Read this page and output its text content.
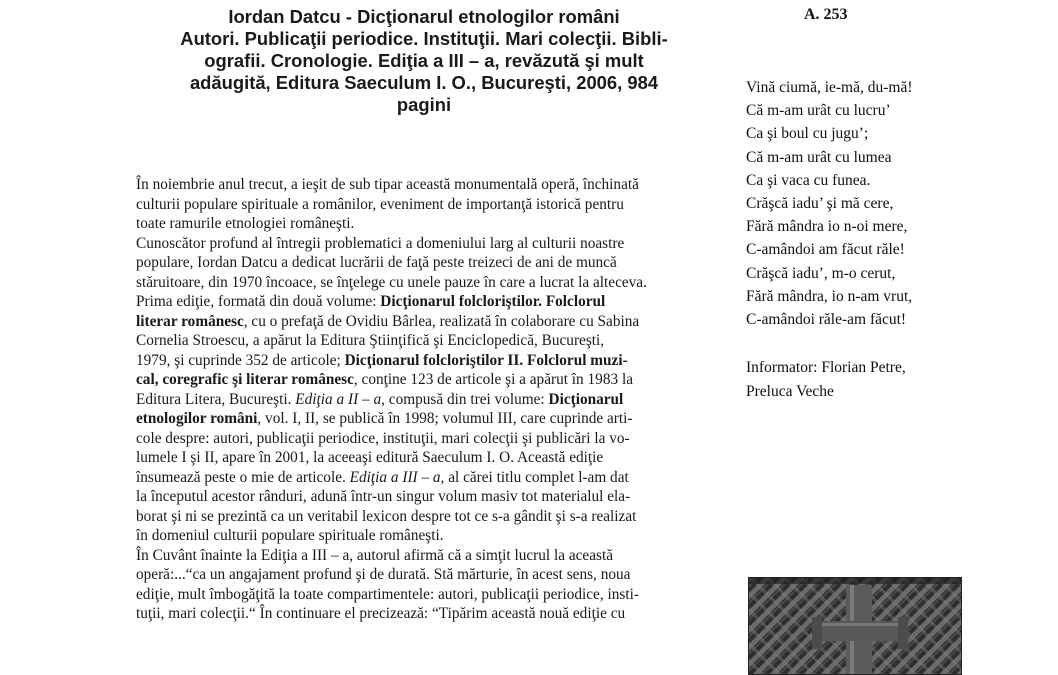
Iordan Datcu - Dicţionarul etnologilor români
Autori. Publicaţii periodice. Instituţii. Mari colecţii. Bibli-
ografii. Cronologie. Ediţia a III – a, revăzută şi mult
adăugită, Editura Saeculum I. O., Bucureşti, 2006, 984
pagini
A. 253
În noiembrie anul trecut, a ieşit de sub tipar această monumentală operă, închinată
culturii populare spirituale a românilor, eveniment de importanţă istorică pentru
toate ramurile etnologiei româneşti.
Cunoscător profund al întregii problematici a domeniului larg al culturii noastre
populare, Iordan Datcu a dedicat lucrării de faţă peste treizeci de ani de muncă
stăruitoare, din 1970 încoace, se înţelege cu unele pauze în care a lucrat la alteceva.
Prima ediţie, formată din două volume: Dicţionarul folcloriştilor. Folclorul
literar românesc, cu o prefaţă de Ovidiu Bârlea, realizată în colaborare cu Sabina
Cornelia Stroescu, a apărut la Editura Ştiinţifică şi Enciclopedică, Bucureşti,
1979, şi cuprinde 352 de articole; Dicţionarul folcloriştilor II. Folclorul muzi-
cal, coregrafic şi literar românesc, conţine 123 de articole şi a apărut în 1983 la
Editura Litera, Bucureşti. Ediţia a II – a, compusă din trei volume: Dicţionarul
etnologilor români, vol. I, II, se publică în 1998; volumul III, care cuprinde arti-
cole despre: autori, publicaţii periodice, instituţii, mari colecţii şi publicări la vo-
lumele I şi II, apare în 2001, la aceeaşi editură Saeculum I. O. Această ediţie
însumează peste o mie de articole. Ediţia a III – a, al cărei titlu complet l-am dat
la începutul acestor rânduri, adună într-un singur volum masiv tot materialul ela-
borat şi ni se prezintă ca un veritabil lexicon despre tot ce s-a gândit şi s-a realizat
în domeniul culturii populare spirituale româneşti.
În Cuvânt înainte la Ediţia a III – a, autorul afirmă că a simţit lucrul la această
operă:...“ca un angajament profund şi de durată. Stă mărturie, în acest sens, noua
ediţie, mult îmbogăţită la toate compartimentele: autori, publicaţii periodice, insti-
tuţii, mari colecţii.“ În continuare el precizează: “Tipărim această nouă ediţie cu
Vină ciumă, ie-mă, du-mă!
Că m-am urât cu lucru’
Ca şi boul cu jugu’;
Că m-am urât cu lumea
Ca şi vaca cu funea.
Crăşcă iadu’ şi mă cere,
Fără mândra io n-oi mere,
C-amândoi am făcut răle!
Crăşcă iadu’, m-o cerut,
Fără mândra, io n-am vrut,
C-amândoi răle-am făcut!
Informator: Florian Petre,
Preluca Veche
